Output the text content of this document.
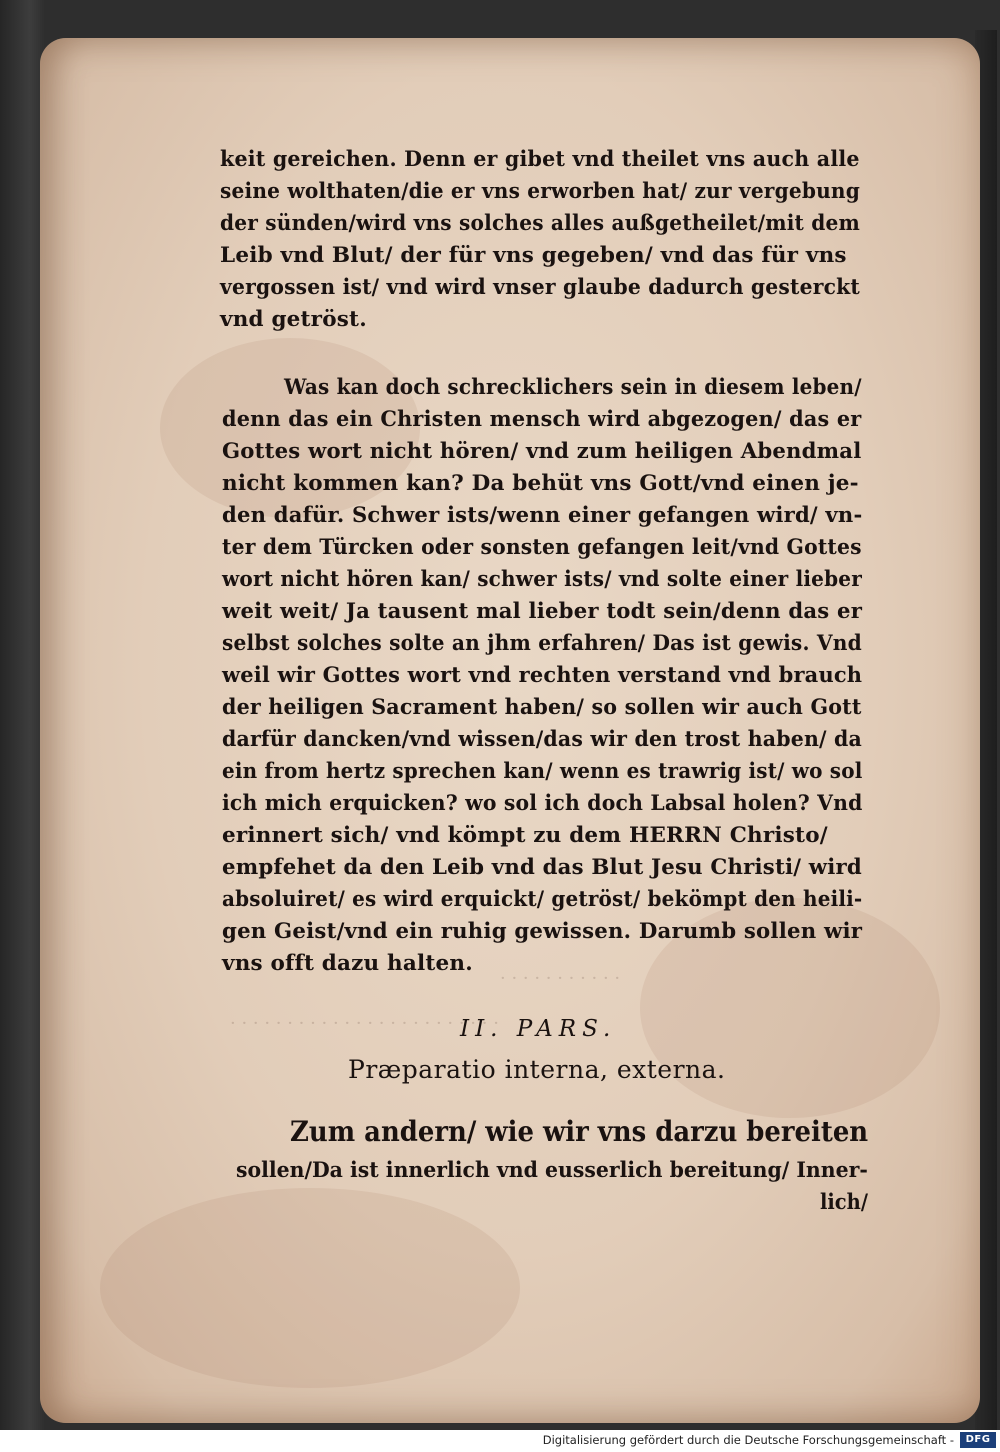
· · · · · · · · · · ·
· · · · · · · · · · · · · · · · · · · · · · · ·
keit gereichen. Denn er gibet vnd theilet vns auch alle
seine wolthaten/die er vns erworben hat/ zur vergebung
der sünden/wird vns solches alles außgetheilet/mit dem
Leib vnd Blut/ der für vns gegeben/ vnd das für vns
vergossen ist/ vnd wird vnser glaube dadurch gesterckt
vnd getröst.
Was kan doch schrecklichers sein in diesem leben/
denn das ein Christen mensch wird abgezogen/ das er
Gottes wort nicht hören/ vnd zum heiligen Abendmal
nicht kommen kan? Da behüt vns Gott/vnd einen je-
den dafür. Schwer ists/wenn einer gefangen wird/ vn-
ter dem Türcken oder sonsten gefangen leit/vnd Gottes
wort nicht hören kan/ schwer ists/ vnd solte einer lieber
weit weit/ Ja tausent mal lieber todt sein/denn das er
selbst solches solte an jhm erfahren/ Das ist gewis. Vnd
weil wir Gottes wort vnd rechten verstand vnd brauch
der heiligen Sacrament haben/ so sollen wir auch Gott
darfür dancken/vnd wissen/das wir den trost haben/ da
ein from hertz sprechen kan/ wenn es trawrig ist/ wo sol
ich mich erquicken? wo sol ich doch Labsal holen? Vnd
erinnert sich/ vnd kömpt zu dem HERRN Christo/
empfehet da den Leib vnd das Blut Jesu Christi/ wird
absoluiret/ es wird erquickt/ getröst/ bekömpt den heili-
gen Geist/vnd ein ruhig gewissen. Darumb sollen wir
vns offt dazu halten.
II. PARS.
Præparatio interna, externa.
Zum andern/ wie wir vns darzu bereiten
sollen/Da ist innerlich vnd eusserlich bereitung/ Inner-
lich/
Digitalisierung gefördert durch die Deutsche Forschungsgemeinschaft -	DFG
